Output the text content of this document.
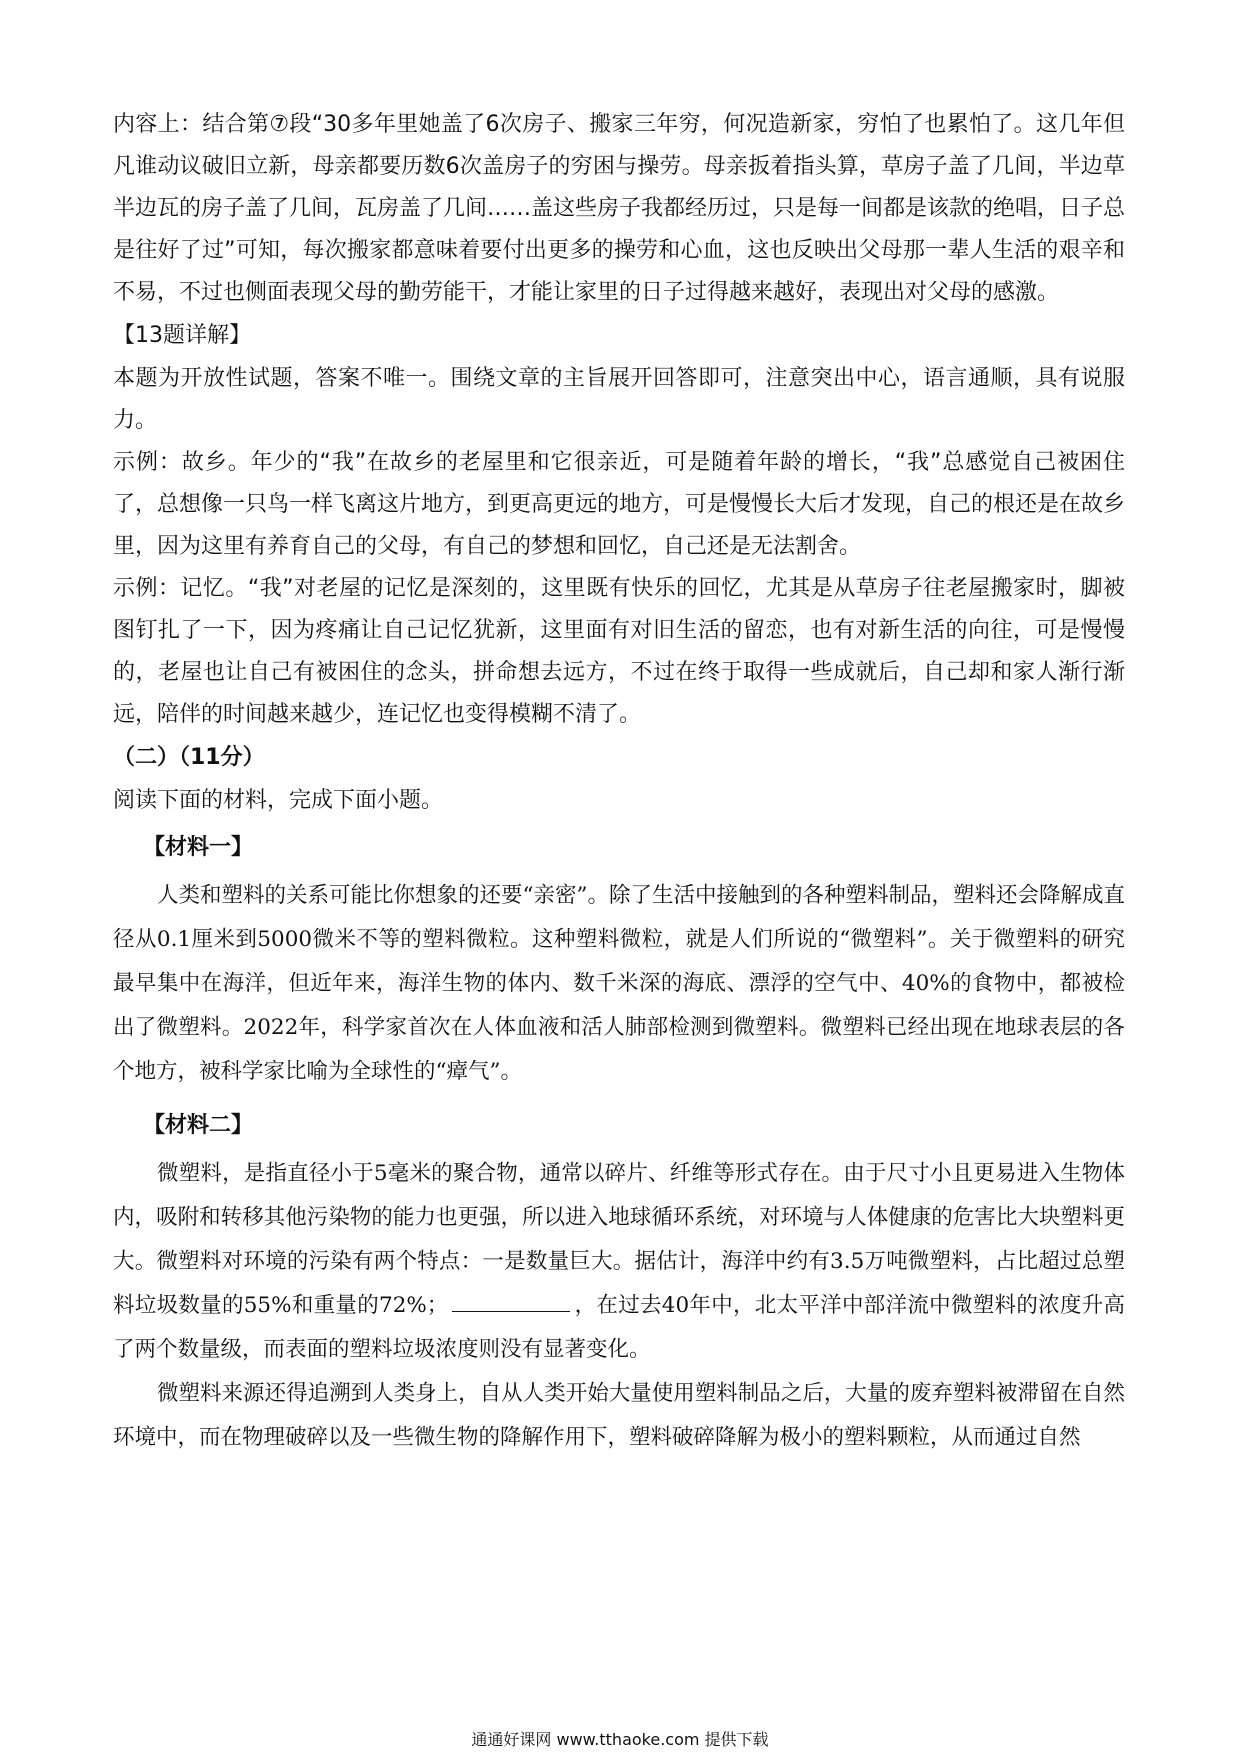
内容上：结合第⑦段“30多年里她盖了6次房子、搬家三年穷，何况造新家，穷怕了也累怕了。这几年但凡谁动议破旧立新，母亲都要历数6次盖房子的穷困与操劳。母亲扳着指头算，草房子盖了几间，半边草半边瓦的房子盖了几间，瓦房盖了几间……盖这些房子我都经历过，只是每一间都是该款的绝唱，日子总是往好了过”可知，每次搬家都意味着要付出更多的操劳和心血，这也反映出父母那一辈人生活的艰辛和不易，不过也侧面表现父母的勤劳能干，才能让家里的日子过得越来越好，表现出对父母的感激。

【13题详解】

本题为开放性试题，答案不唯一。围绕文章的主旨展开回答即可，注意突出中心，语言通顺，具有说服力。

示例：故乡。年少的“我”在故乡的老屋里和它很亲近，可是随着年龄的增长，“我”总感觉自己被困住了，总想像一只鸟一样飞离这片地方，到更高更远的地方，可是慢慢长大后才发现，自己的根还是在故乡里，因为这里有养育自己的父母，有自己的梦想和回忆，自己还是无法割舍。

示例：记忆。“我”对老屋的记忆是深刻的，这里既有快乐的回忆，尤其是从草房子往老屋搬家时，脚被图钉扎了一下，因为疼痛让自己记忆犹新，这里面有对旧生活的留恋，也有对新生活的向往，可是慢慢的，老屋也让自己有被困住的念头，拼命想去远方，不过在终于取得一些成就后，自己却和家人渐行渐远，陪伴的时间越来越少，连记忆也变得模糊不清了。

（二）（11分）

阅读下面的材料，完成下面小题。

【材料一】

人类和塑料的关系可能比你想象的还要“亲密”。除了生活中接触到的各种塑料制品，塑料还会降解成直径从0.1厘米到5000微米不等的塑料微粒。这种塑料微粒，就是人们所说的“微塑料”。关于微塑料的研究最早集中在海洋，但近年来，海洋生物的体内、数千米深的海底、漂浮的空气中、40%的食物中，都被检出了微塑料。2022年，科学家首次在人体血液和活人肺部检测到微塑料。微塑料已经出现在地球表层的各个地方，被科学家比喻为全球性的“瘴气”。

【材料二】

微塑料，是指直径小于5毫米的聚合物，通常以碎片、纤维等形式存在。由于尺寸小且更易进入生物体内，吸附和转移其他污染物的能力也更强，所以进入地球循环系统，对环境与人体健康的危害比大块塑料更大。微塑料对环境的污染有两个特点：一是数量巨大。据估计，海洋中约有3.5万吨微塑料，占比超过总塑料垃圾数量的55%和重量的72%；	，在过去40年中，北太平洋中部洋流中微塑料的浓度升高了两个数量级，而表面的塑料垃圾浓度则没有显著变化。

微塑料来源还得追溯到人类身上，自从人类开始大量使用塑料制品之后，大量的废弃塑料被滞留在自然环境中，而在物理破碎以及一些微生物的降解作用下，塑料破碎降解为极小的塑料颗粒，从而通过自然

通通好课网 www.tthaoke.com 提供下载
